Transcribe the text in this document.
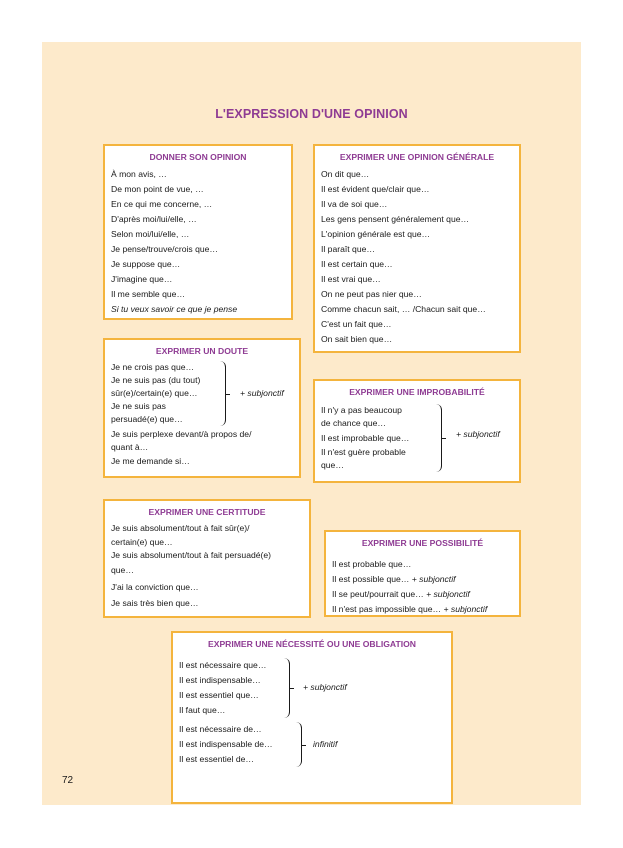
L'EXPRESSION D'UNE OPINION
DONNER SON OPINION
À mon avis, …
De mon point de vue, …
En ce qui me concerne, …
D'après moi/lui/elle, …
Selon moi/lui/elle, …
Je pense/trouve/crois que…
Je suppose que…
J'imagine que…
Il me semble que…
Si tu veux savoir ce que je pense
EXPRIMER UNE OPINION GÉNÉRALE
On dit que…
Il est évident que/clair que…
Il va de soi que…
Les gens pensent généralement que…
L'opinion générale est que…
Il paraît que…
Il est certain que…
Il est vrai que…
On ne peut pas nier que…
Comme chacun sait, … /Chacun sait que…
C'est un fait que…
On sait bien que…
EXPRIMER UN DOUTE
Je ne crois pas que…
Je ne suis pas (du tout)
sûr(e)/certain(e) que…
Je ne suis pas
persuadé(e) que…
+ subjonctif
Je suis perplexe devant/à propos de/
quant à…
Je me demande si…
EXPRIMER UNE IMPROBABILITÉ
Il n'y a pas beaucoup
de chance que…
Il est improbable que…
Il n'est guère probable
que…
+ subjonctif
EXPRIMER UNE CERTITUDE
Je suis absolument/tout à fait sûr(e)/
certain(e) que…
Je suis absolument/tout à fait persuadé(e)
que…
J'ai la conviction que…
Je sais très bien que…
EXPRIMER UNE POSSIBILITÉ
Il est probable que…
Il est possible que… + subjonctif
Il se peut/pourrait que… + subjonctif
Il n'est pas impossible que… + subjonctif
EXPRIMER UNE NÉCESSITÉ OU UNE OBLIGATION
Il est nécessaire que…
Il est indispensable…
Il est essentiel que…
Il faut que…
+ subjonctif
Il est nécessaire de…
Il est indispensable de…
Il est essentiel de…
infinitif
72
